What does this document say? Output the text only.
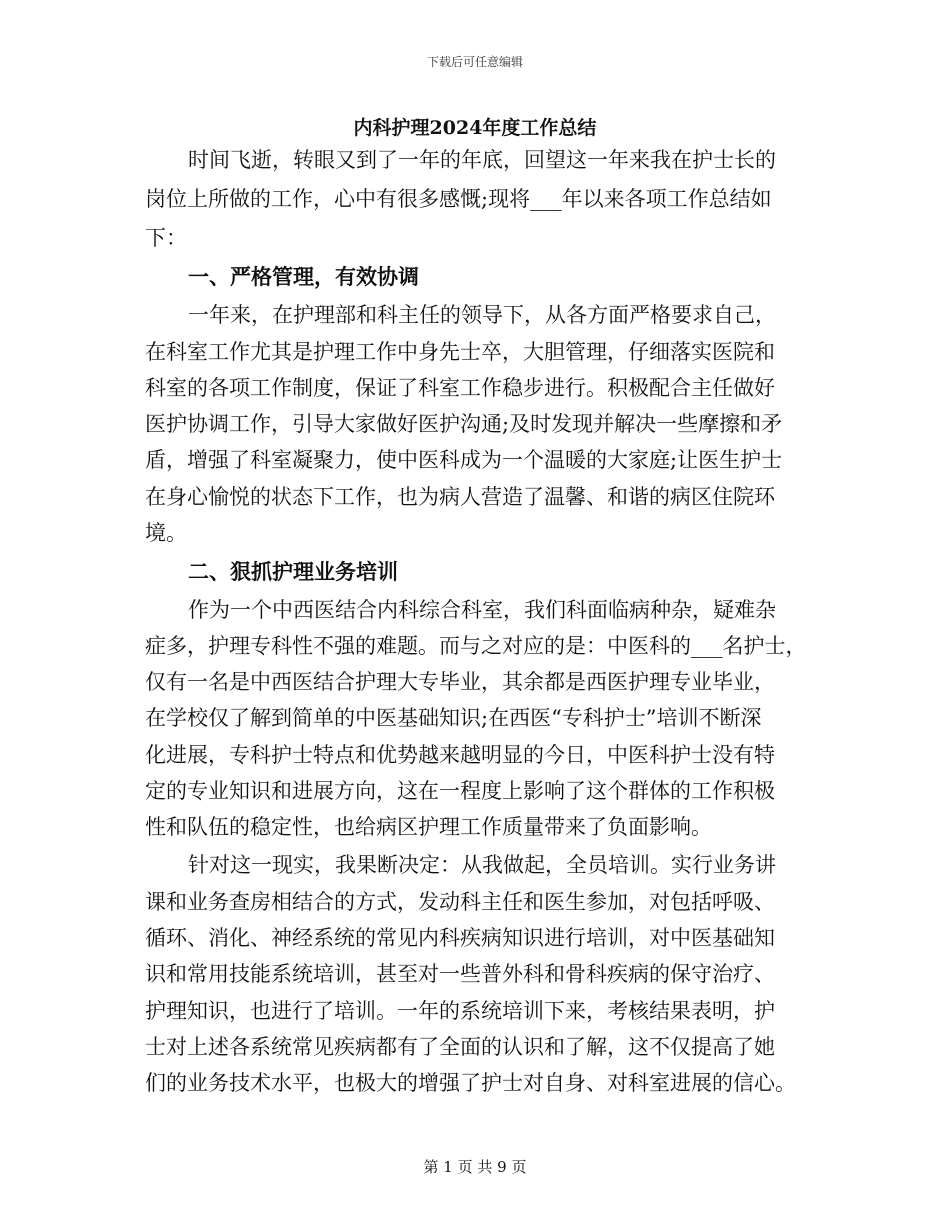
下载后可任意编辑
内科护理2024年度工作总结
时间飞逝，转眼又到了一年的年底，回望这一年来我在护士长的
岗位上所做的工作，心中有很多感慨;现将___年以来各项工作总结如
下：
一、严格管理，有效协调
一年来，在护理部和科主任的领导下，从各方面严格要求自己，
在科室工作尤其是护理工作中身先士卒，大胆管理，仔细落实医院和
科室的各项工作制度，保证了科室工作稳步进行。积极配合主任做好
医护协调工作，引导大家做好医护沟通;及时发现并解决一些摩擦和矛
盾，增强了科室凝聚力，使中医科成为一个温暖的大家庭;让医生护士
在身心愉悦的状态下工作，也为病人营造了温馨、和谐的病区住院环
境。
二、狠抓护理业务培训
作为一个中西医结合内科综合科室，我们科面临病种杂，疑难杂
症多，护理专科性不强的难题。而与之对应的是：中医科的___名护士，
仅有一名是中西医结合护理大专毕业，其余都是西医护理专业毕业，
在学校仅了解到简单的中医基础知识;在西医“专科护士”培训不断深
化进展，专科护士特点和优势越来越明显的今日，中医科护士没有特
定的专业知识和进展方向，这在一程度上影响了这个群体的工作积极
性和队伍的稳定性，也给病区护理工作质量带来了负面影响。
针对这一现实，我果断决定：从我做起，全员培训。实行业务讲
课和业务查房相结合的方式，发动科主任和医生参加，对包括呼吸、
循环、消化、神经系统的常见内科疾病知识进行培训，对中医基础知
识和常用技能系统培训，甚至对一些普外科和骨科疾病的保守治疗、
护理知识，也进行了培训。一年的系统培训下来，考核结果表明，护
士对上述各系统常见疾病都有了全面的认识和了解，这不仅提高了她
们的业务技术水平，也极大的增强了护士对自身、对科室进展的信心。
第 1 页 共 9 页
